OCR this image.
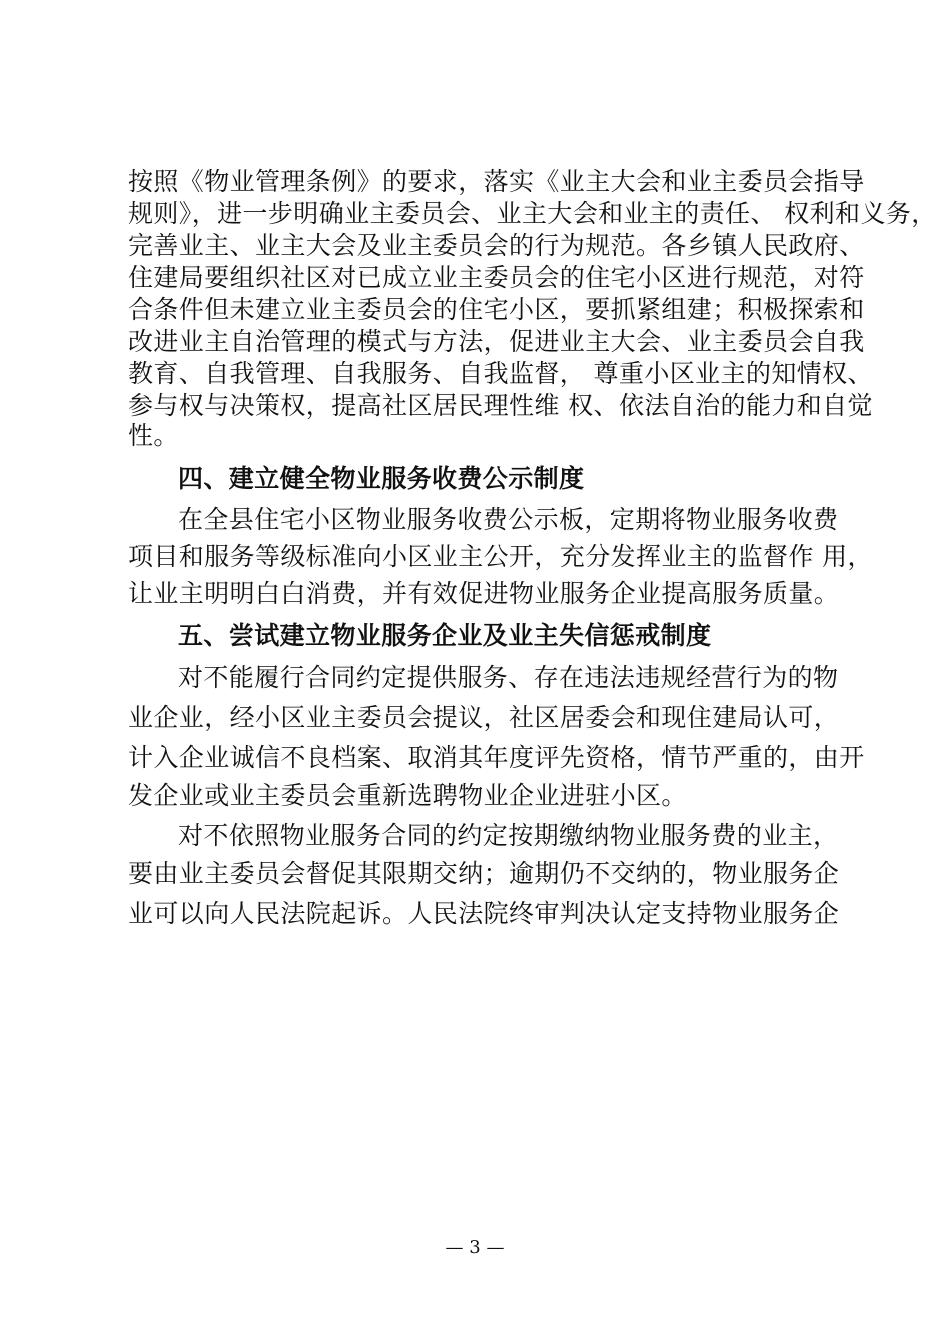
按照《物业管理条例》的要求，落实《业主大会和业主委员会指导
规则》，进一步明确业主委员会、业主大会和业主的责任、 权利和义务，
完善业主、业主大会及业主委员会的行为规范。各乡镇人民政府、
住建局要组织社区对已成立业主委员会的住宅小区进行规范，对符
合条件但未建立业主委员会的住宅小区，要抓紧组建；积极探索和
改进业主自治管理的模式与方法，促进业主大会、业主委员会自我
教育、自我管理、自我服务、自我监督， 尊重小区业主的知情权、
参与权与决策权，提高社区居民理性维 权、依法自治的能力和自觉
性。
四、建立健全物业服务收费公示制度
在全县住宅小区物业服务收费公示板，定期将物业服务收费
项目和服务等级标准向小区业主公开，充分发挥业主的监督作 用，
让业主明明白白消费，并有效促进物业服务企业提高服务质量。
五、尝试建立物业服务企业及业主失信惩戒制度
对不能履行合同约定提供服务、存在违法违规经营行为的物
业企业，经小区业主委员会提议，社区居委会和现住建局认可，
计入企业诚信不良档案、取消其年度评先资格，情节严重的，由开
发企业或业主委员会重新选聘物业企业进驻小区。
对不依照物业服务合同的约定按期缴纳物业服务费的业主，
要由业主委员会督促其限期交纳；逾期仍不交纳的，物业服务企
业可以向人民法院起诉。人民法院终审判决认定支持物业服务企
— 3 —
